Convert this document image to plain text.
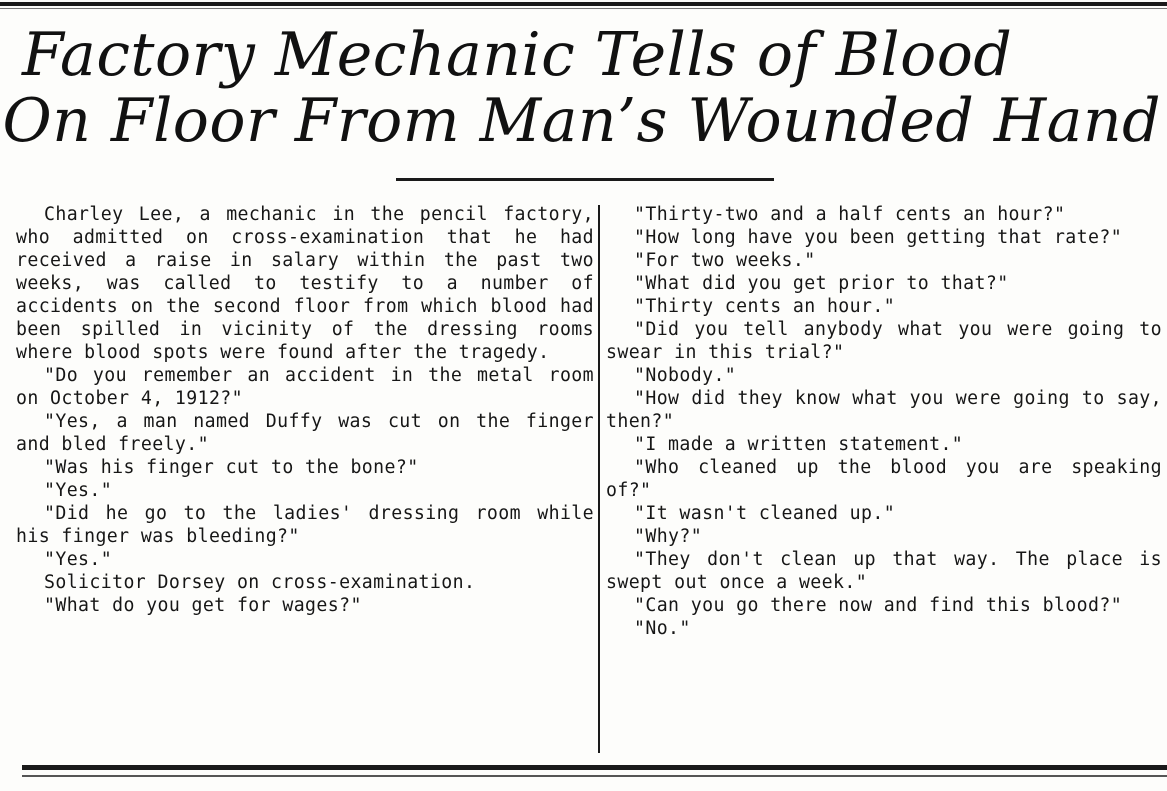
Factory Mechanic Tells of Blood
On Floor From Man’s Wounded Hand

Charley Lee, a mechanic in the pencil factory, who admitted on cross-examination that he had received a raise in salary within the past two weeks, was called to testify to a number of accidents on the second floor from which blood had been spilled in vicinity of the dressing rooms where blood spots were found after the tragedy.

"Do you remember an accident in the metal room on October 4, 1912?"

"Yes, a man named Duffy was cut on the finger and bled freely."

"Was his finger cut to the bone?"

"Yes."

"Did he go to the ladies' dressing room while his finger was bleeding?"

"Yes."

Solicitor Dorsey on cross-examination.

"What do you get for wages?"

"Thirty-two and a half cents an hour?"

"How long have you been getting that rate?"

"For two weeks."

"What did you get prior to that?"

"Thirty cents an hour."

"Did you tell anybody what you were going to swear in this trial?"

"Nobody."

"How did they know what you were going to say, then?"

"I made a written statement."

"Who cleaned up the blood you are speaking of?"

"It wasn't cleaned up."

"Why?"

"They don't clean up that way. The place is swept out once a week."

"Can you go there now and find this blood?"

"No."
